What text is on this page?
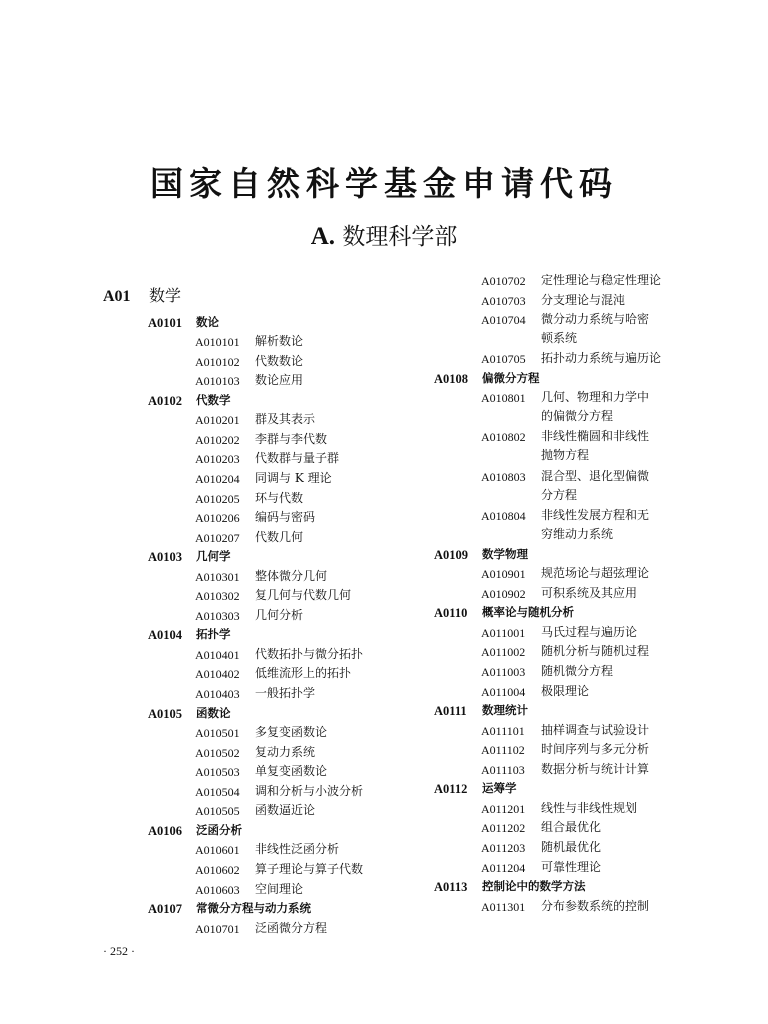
国家自然科学基金申请代码
A. 数理科学部
A01 数学
A0101 数论
A010101 解析数论
A010102 代数数论
A010103 数论应用
A0102 代数学
A010201 群及其表示
A010202 李群与李代数
A010203 代数群与量子群
A010204 同调与 K 理论
A010205 环与代数
A010206 编码与密码
A010207 代数几何
A0103 几何学
A010301 整体微分几何
A010302 复几何与代数几何
A010303 几何分析
A0104 拓扑学
A010401 代数拓扑与微分拓扑
A010402 低维流形上的拓扑
A010403 一般拓扑学
A0105 函数论
A010501 多复变函数论
A010502 复动力系统
A010503 单复变函数论
A010504 调和分析与小波分析
A010505 函数逼近论
A0106 泛函分析
A010601 非线性泛函分析
A010602 算子理论与算子代数
A010603 空间理论
A0107 常微分方程与动力系统
A010701 泛函微分方程
A010702 定性理论与稳定性理论
A010703 分支理论与混沌
A010704 微分动力系统与哈密顿系统
A010705 拓扑动力系统与遍历论
A0108 偏微分方程
A010801 几何、物理和力学中的偏微分方程
A010802 非线性椭圆和非线性抛物方程
A010803 混合型、退化型偏微分方程
A010804 非线性发展方程和无穷维动力系统
A0109 数学物理
A010901 规范场论与超弦理论
A010902 可积系统及其应用
A0110 概率论与随机分析
A011001 马氏过程与遍历论
A011002 随机分析与随机过程
A011003 随机微分方程
A011004 极限理论
A0111 数理统计
A011101 抽样调查与试验设计
A011102 时间序列与多元分析
A011103 数据分析与统计计算
A0112 运筹学
A011201 线性与非线性规划
A011202 组合最优化
A011203 随机最优化
A011204 可靠性理论
A0113 控制论中的数学方法
A011301 分布参数系统的控制
· 252 ·
